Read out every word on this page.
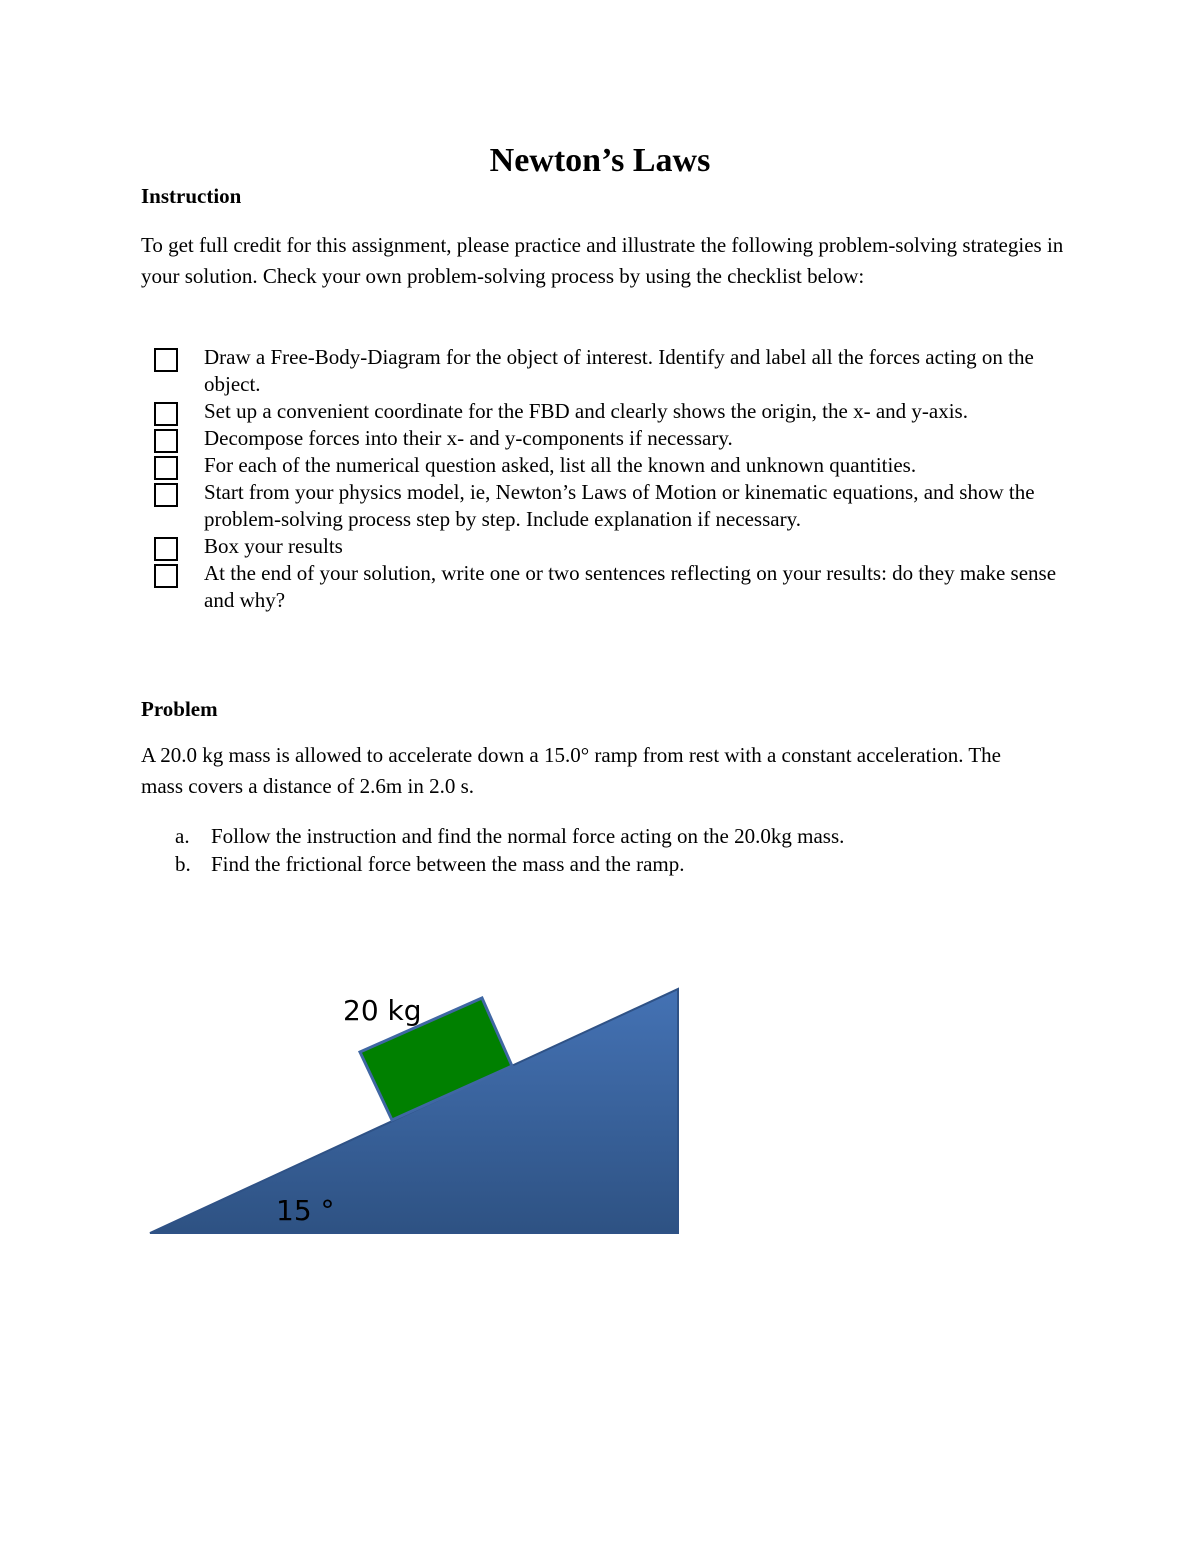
Newton’s Laws
Instruction

To get full credit for this assignment, please practice and illustrate the following problem-solving strategies in your solution. Check your own problem-solving process by using the checklist below:

Draw a Free-Body-Diagram for the object of interest. Identify and label all the forces acting on the object.
Set up a convenient coordinate for the FBD and clearly shows the origin, the x- and y-axis.
Decompose forces into their x- and y-components if necessary.
For each of the numerical question asked, list all the known and unknown quantities.
Start from your physics model, ie, Newton’s Laws of Motion or kinematic equations, and show the problem-solving process step by step. Include explanation if necessary.
Box your results
At the end of your solution, write one or two sentences reflecting on your results: do they make sense and why?
Problem

A 20.0 kg mass is allowed to accelerate down a 15.0° ramp from rest with a constant acceleration. The mass covers a distance of 2.6m in 2.0 s.

a. Follow the instruction and find the normal force acting on the 20.0kg mass.
b. Find the frictional force between the mass and the ramp.
20 kg
15 °
